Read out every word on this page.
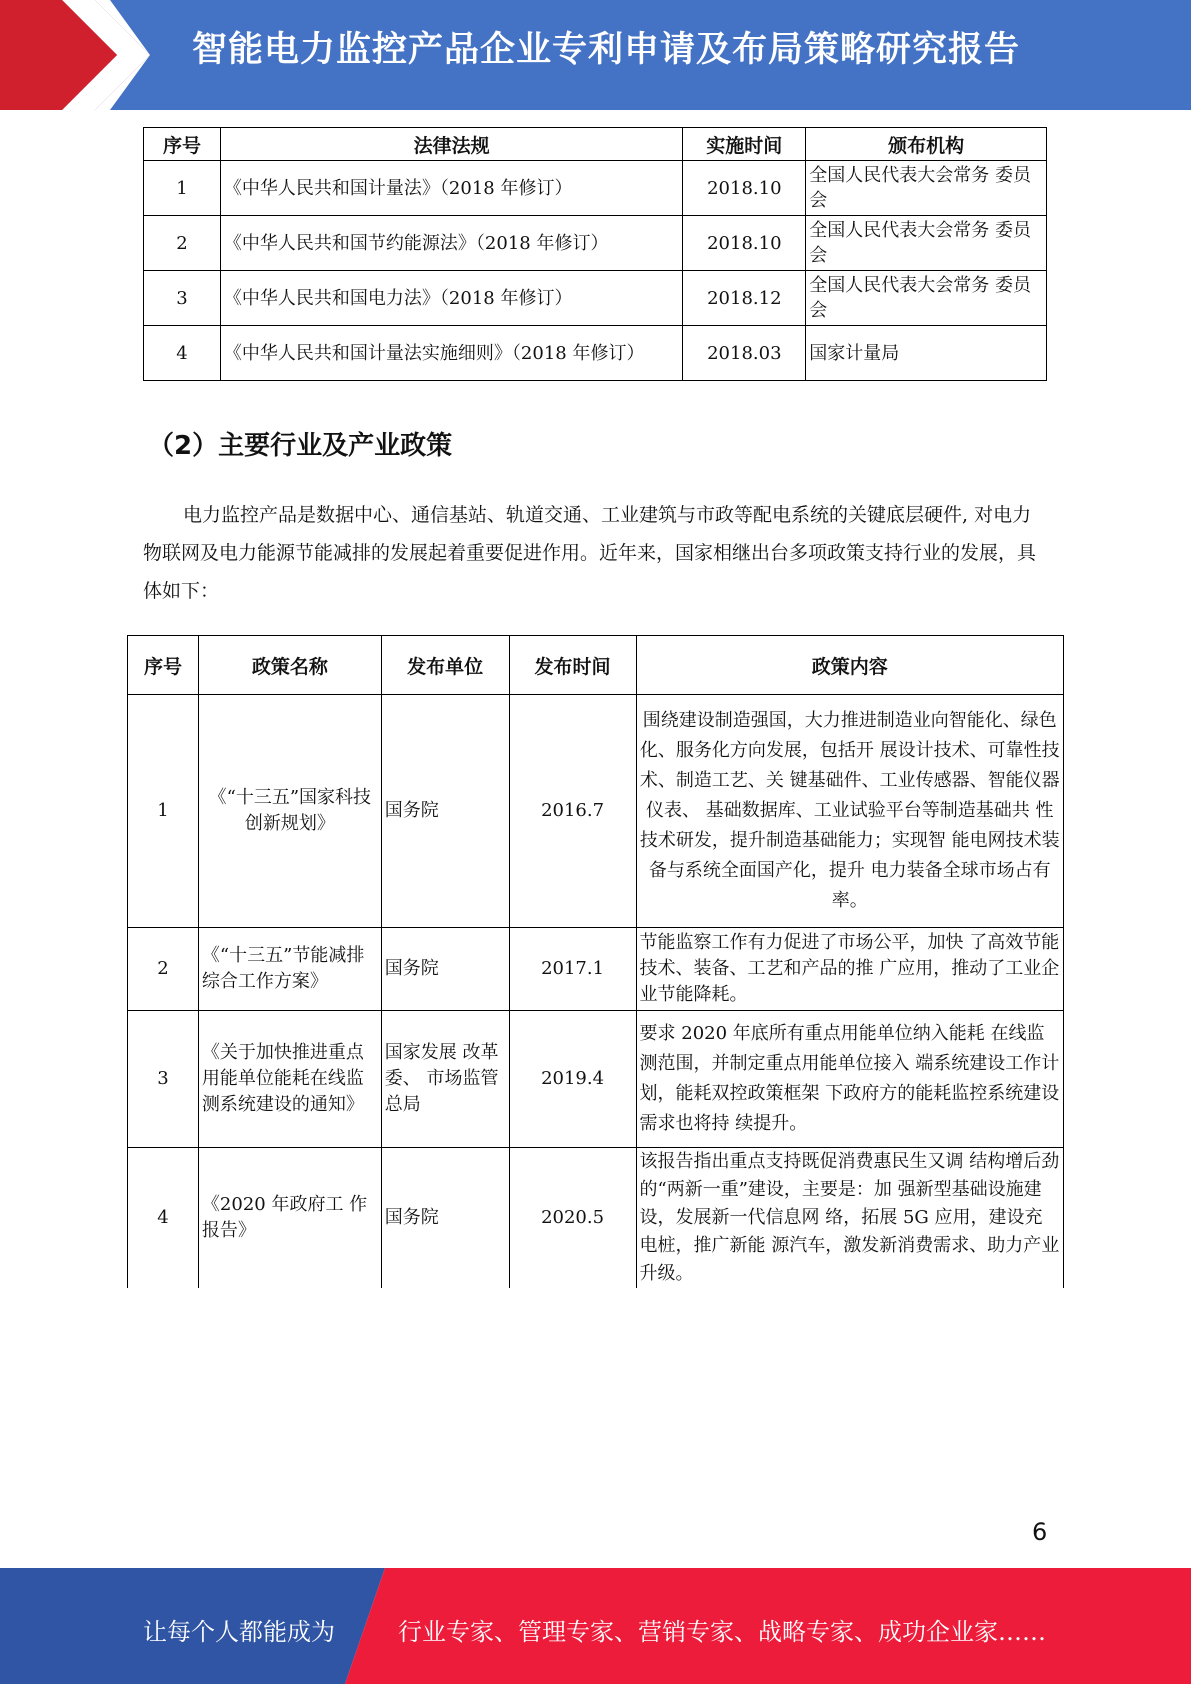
智能电力监控产品企业专利申请及布局策略研究报告
序号	法律法规	实施时间	颁布机构
1	《中华人民共和国计量法》（2018 年修订）	2018.10	全国人民代表大会常务 委员会
2	《中华人民共和国节约能源法》（2018 年修订）	2018.10	全国人民代表大会常务 委员会
3	《中华人民共和国电力法》（2018 年修订）	2018.12	全国人民代表大会常务 委员会
4	《中华人民共和国计量法实施细则》（2018 年修订）	2018.03	国家计量局
（2）主要行业及产业政策
电力监控产品是数据中心、通信基站、轨道交通、工业建筑与市政等配电系统的关键底层硬件, 对电力物联网及电力能源节能减排的发展起着重要促进作用。近年来，国家相继出台多项政策支持行业的发展，具体如下：
序号	政策名称	发布单位	发布时间	政策内容
1	《“十三五”国家科技创新规划》	国务院	2016.7	围绕建设制造强国，大力推进制造业向智能化、绿色化、服务化方向发展，包括开 展设计技术、可靠性技术、制造工艺、关 键基础件、工业传感器、智能仪器仪表、 基础数据库、工业试验平台等制造基础共 性技术研发，提升制造基础能力；实现智 能电网技术装备与系统全面国产化，提升 电力装备全球市场占有率。
2	《“十三五”节能减排综合工作方案》	国务院	2017.1	节能监察工作有力促进了市场公平，加快 了高效节能技术、装备、工艺和产品的推 广应用，推动了工业企业节能降耗。
3	《关于加快推进重点用能单位能耗在线监测系统建设的通知》	国家发展 改革委、 市场监管 总局	2019.4	要求 2020 年底所有重点用能单位纳入能耗 在线监测范围，并制定重点用能单位接入 端系统建设工作计划，能耗双控政策框架 下政府方的能耗监控系统建设需求也将持 续提升。
4	《2020 年政府工 作报告》	国务院	2020.5	该报告指出重点支持既促消费惠民生又调 结构增后劲的“两新一重”建设，主要是：加 强新型基础设施建设，发展新一代信息网 络，拓展 5G 应用，建设充电桩，推广新能 源汽车，激发新消费需求、助力产业升级。
6
让每个人都能成为	行业专家、管理专家、营销专家、战略专家、成功企业家……
